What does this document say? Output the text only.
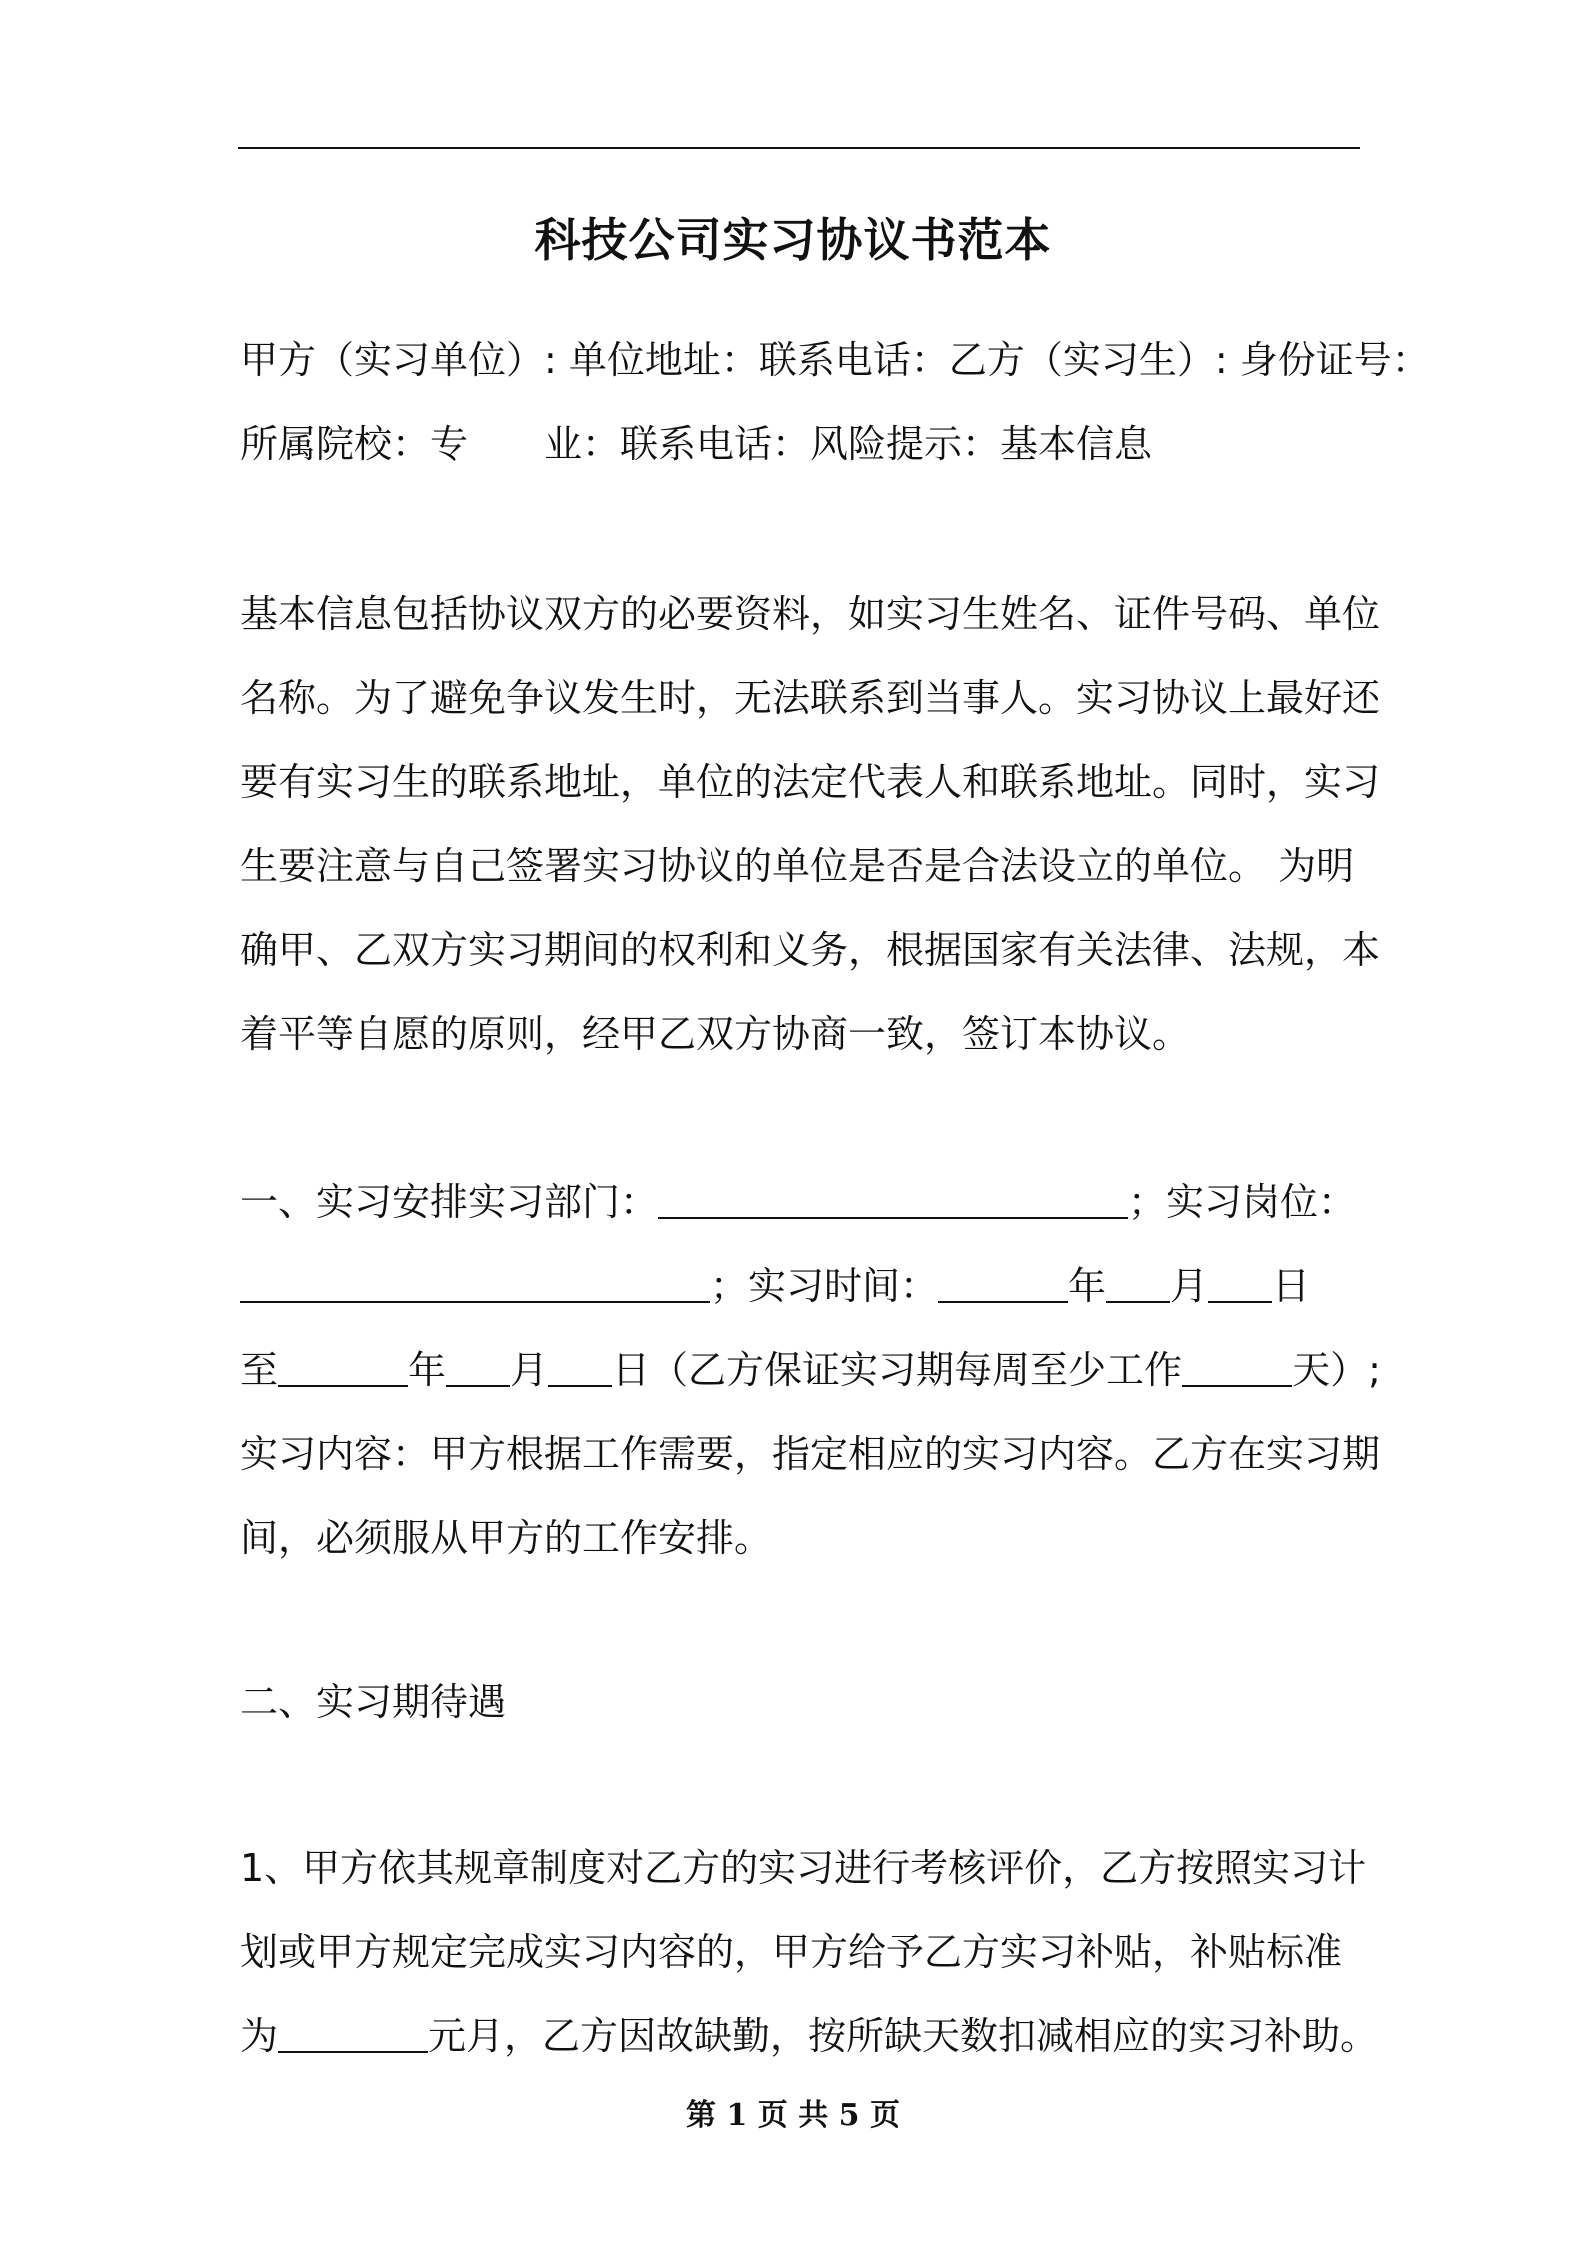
科技公司实习协议书范本
甲方（实习单位）: 单位地址：联系电话：乙方（实习生）: 身份证号：
所属院校：专　　业：联系电话：风险提示：基本信息
基本信息包括协议双方的必要资料，如实习生姓名、证件号码、单位
名称。为了避免争议发生时，无法联系到当事人。实习协议上最好还
要有实习生的联系地址，单位的法定代表人和联系地址。同时，实习
生要注意与自己签署实习协议的单位是否是合法设立的单位。 为明
确甲、乙双方实习期间的权利和义务，根据国家有关法律、法规，本
着平等自愿的原则，经甲乙双方协商一致，签订本协议。
一、实习安排实习部门：	；实习岗位：
；实习时间：	年 月 日
至	年 月 日（乙方保证实习期每周至少工作	天）;
实习内容：甲方根据工作需要，指定相应的实习内容。乙方在实习期
间，必须服从甲方的工作安排。
二、实习期待遇
1、甲方依其规章制度对乙方的实习进行考核评价，乙方按照实习计
划或甲方规定完成实习内容的，甲方给予乙方实习补贴，补贴标准
为	元月，乙方因故缺勤，按所缺天数扣减相应的实习补助。
第 1 页 共 5 页
